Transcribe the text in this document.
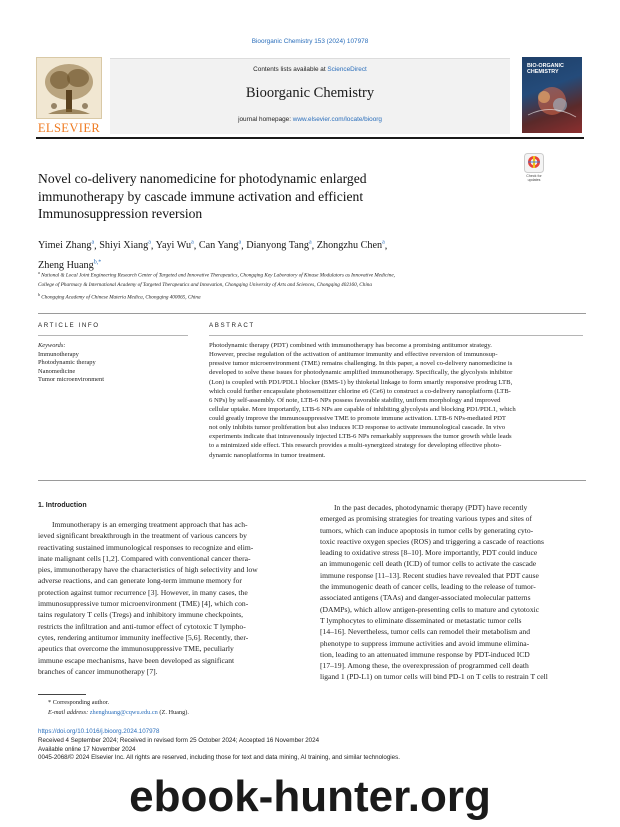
Bioorganic Chemistry 153 (2024) 107978
ELSEVIER
Contents lists available at ScienceDirect
Bioorganic Chemistry
journal homepage: www.elsevier.com/locate/bioorg
BIO-ORGANIC
CHEMISTRY
Novel co-delivery nanomedicine for photodynamic enlarged
immunotherapy by cascade immune activation and efficient
Immunosuppression reversion
Check for updates
Yimei Zhang$^a$, Shiyi Xiang$^a$, Yayi Wu$^a$, Can Yang$^a$, Dianyong Tang$^a$, Zhongzhu Chen$^a$,
Zheng Huang$^{b,*}$
$^a$ National & Local Joint Engineering Research Center of Targeted and Innovative Therapeutics, Chongqing Key Laboratory of Kinase Modulators as Innovative Medicine,
College of Pharmacy & International Academy of Targeted Therapeutics and Innovation, Chongqing University of Arts and Sciences, Chongqing 402160, China
$^b$ Chongqing Academy of Chinese Materia Medica, Chongqing 400065, China
ARTICLE INFO	ABSTRACT
Keywords:
Immunotherapy
Photodynamic therapy
Nanomedicine
Tumor microenvironment
Photodynamic therapy (PDT) combined with immunotherapy has become a promising antitumor strategy.
However, precise regulation of the activation of antitumor immunity and effective reversion of immunosup-
pressive tumor microenvironment (TME) remains challenging. In this paper, a novel co-delivery nanomedicine is
developed to solve these issues for photodynamic amplified immunotherapy. Specifically, the glycolysis inhibitor
(Lon) is coupled with PD1/PDL1 blocker (BMS-1) by thioketal linkage to form smartly responsive prodrug LTB,
which could further encapsulate photosensitizer chlorine e6 (Ce6) to construct a co-delivery nanoplatform (LTB-
6 NPs) by self-assembly. Of note, LTB-6 NPs possess favorable stability, uniform morphology and improved
cellular uptake. More importantly, LTB-6 NPs are capable of inhibiting glycolysis and blocking PD1/PDL1, which
could greatly improve the immunosuppressive TME to promote immune activation. LTB-6 NPs-mediated PDT
not only inhibits tumor proliferation but also induces ICD response to activate immunological cascade. In vivo
experiments indicate that intravenously injected LTB-6 NPs remarkably suppresses the tumor growth while leads
to a minimized side effect. This research provides a multi-synergized strategy for developing effective photo-
dynamic nanoplatforms in tumor treatment.
1. Introduction
Immunotherapy is an emerging treatment approach that has ach-
ieved significant breakthrough in the treatment of various cancers by
reactivating sustained immunological responses to recognize and elim-
inate malignant cells [1,2]. Compared with conventional cancer thera-
pies, immunotherapy have the characteristics of high selectivity and low
adverse reactions, and can generate long-term immune memory for
protection against tumor recurrence [3]. However, in many cases, the
immunosuppressive tumor microenvironment (TME) [4], which con-
tains regulatory T cells (Tregs) and inhibitory immune checkpoints,
restricts the infiltration and anti-tumor effect of cytotoxic T lympho-
cytes, rendering antitumor immunity ineffective [5,6]. Recently, ther-
apeutics that overcome the immunosuppressive TME, peculiarly
immune escape mechanisms, have been developed as significant
branches of cancer immunotherapy [7].
In the past decades, photodynamic therapy (PDT) have recently
emerged as promising strategies for treating various types and sites of
tumors, which can induce apoptosis in tumor cells by generating cyto-
toxic reactive oxygen species (ROS) and triggering a cascade of reactions
leading to oxidative stress [8–10]. More importantly, PDT could induce
an immunogenic cell death (ICD) of tumor cells to activate the cascade
immune response [11–13]. Recent studies have revealed that PDT cause
the immunogenic death of cancer cells, leading to the release of tumor-
associated antigens (TAAs) and danger-associated molecular patterns
(DAMPs), which allow antigen-presenting cells to mature and cytotoxic
T lymphocytes to eliminate disseminated or metastatic tumor cells
[14–16]. Nevertheless, tumor cells can remodel their metabolism and
phenotype to suppress immune activities and avoid immune elimina-
tion, leading to an attenuated immune response by PDT-induced ICD
[17–19]. Among these, the overexpression of programmed cell death
ligand 1 (PD-L1) on tumor cells will bind PD-1 on T cells to restrain T cell
* Corresponding author.
E-mail address: zhenghuang@cqwu.edu.cn (Z. Huang).
https://doi.org/10.1016/j.bioorg.2024.107978
Received 4 September 2024; Received in revised form 25 October 2024; Accepted 16 November 2024
Available online 17 November 2024
0045-2068/© 2024 Elsevier Inc. All rights are reserved, including those for text and data mining, AI training, and similar technologies.
ebook-hunter.org
